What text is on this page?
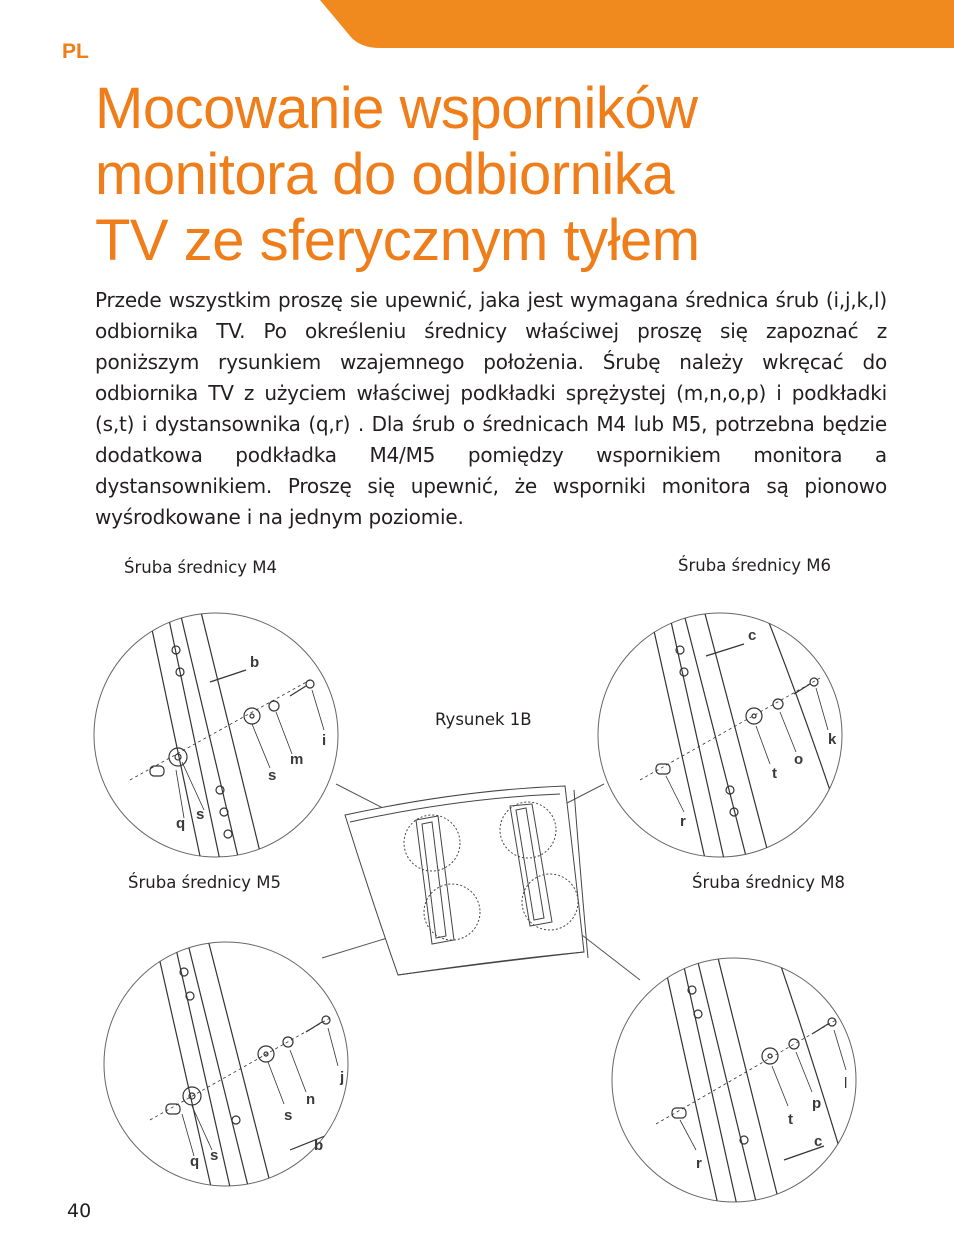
PL
Mocowanie wsporników
monitora do odbiornika
TV ze sferycznym tyłem

Przede wszystkim proszę sie upewnić, jaka jest wymagana średnica śrub (i,j,k,l) odbiornika TV. Po określeniu średnicy właściwej proszę się zapoznać z poniższym rysunkiem wzajemnego położenia. Śrubę należy wkręcać do odbiornika TV z użyciem właściwej podkładki sprężystej (m,n,o,p) i podkładki (s,t) i dystansownika (q,r) . Dla śrub o średnicach M4 lub M5, potrzebna będzie dodatkowa podkładka M4/M5 pomiędzy wspornikiem monitora a dystansownikiem. Proszę się upewnić, że wsporniki monitora są pionowo wyśrodkowane i na jednym poziomie.

Śruba średnicy M4	Śruba średnicy M6
Rysunek 1B
Śruba średnicy M5	Śruba średnicy M8
b
i
m
s
s
q
c
k
o
t
r
j
n
s
b
s
q
l
p
t
c
r
40
